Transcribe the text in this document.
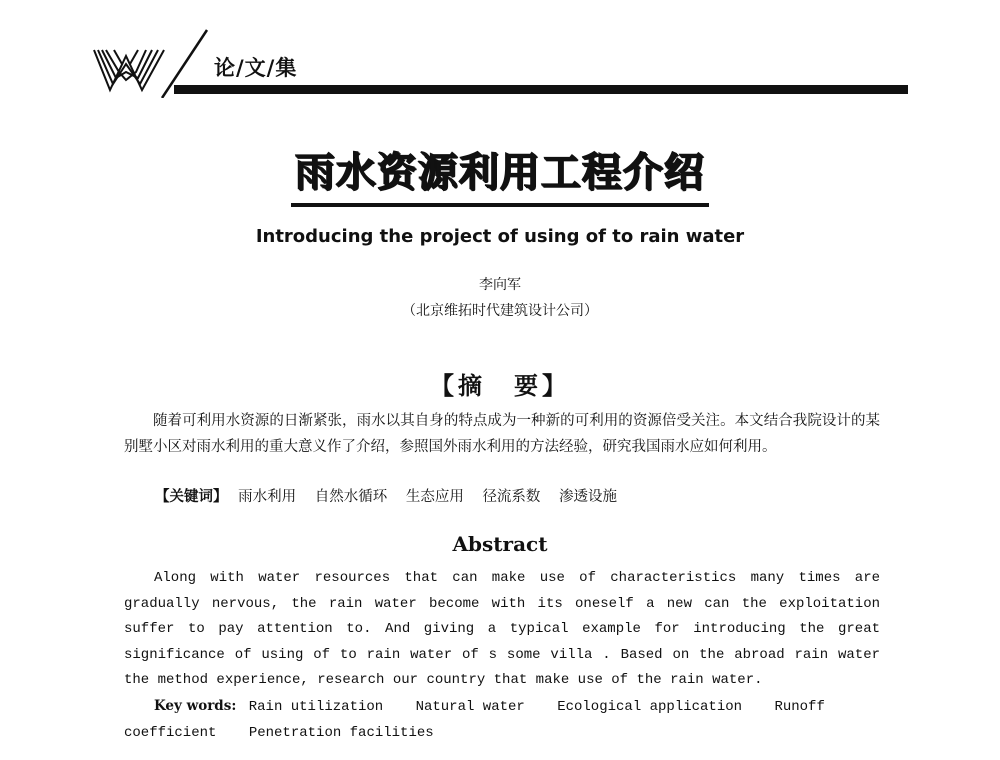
论/文/集
雨水资源利用工程介绍
Introducing the project of using of to rain water
李向军
（北京维拓时代建筑设计公司）
【摘　要】
随着可利用水资源的日渐紧张，雨水以其自身的特点成为一种新的可利用的资源倍受关注。本文结合我院设计的某别墅小区对雨水利用的重大意义作了介绍，参照国外雨水利用的方法经验，研究我国雨水应如何利用。
【关键词】 雨水利用 自然水循环 生态应用 径流系数 渗透设施
Abstract
Along with water resources that can make use of characteristics many times are gradually nervous, the rain water become with its oneself a new can the exploitation suffer to pay attention to. And giving a typical example for introducing the great significance of using of to rain water of s some villa . Based on the abroad rain water the method experience, research our country that make use of the rain water.
Key words: Rain utilization Natural water Ecological application Runoff coefficient Penetration facilities
